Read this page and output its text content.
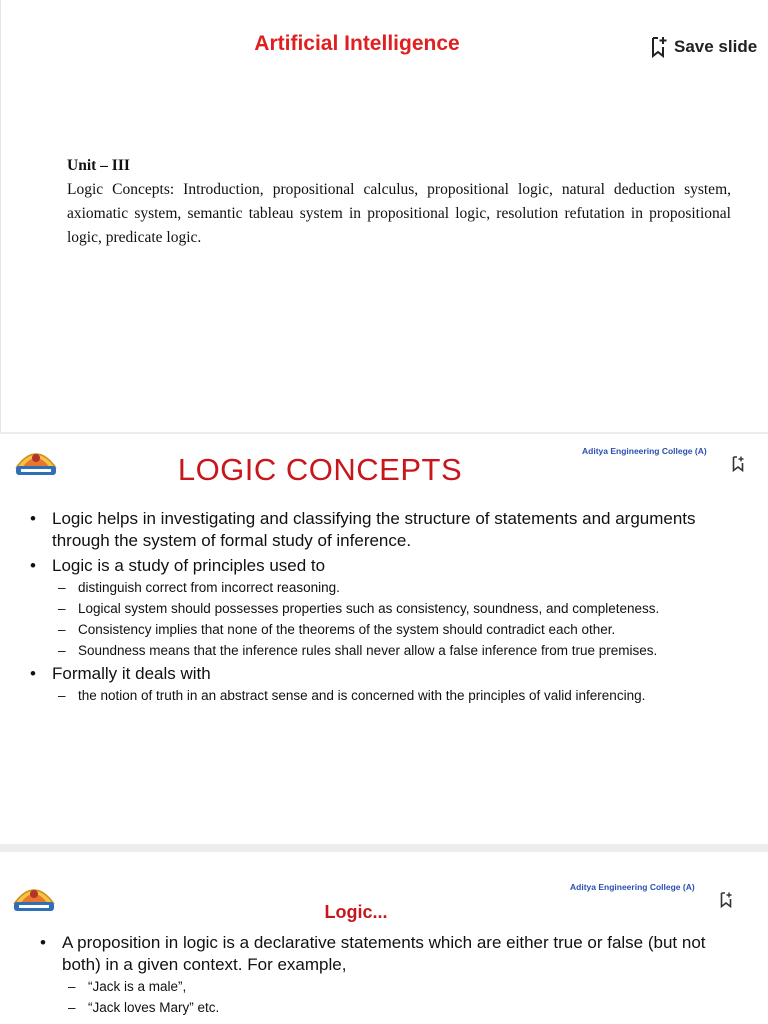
Artificial Intelligence	Save slide
Unit – III
Logic Concepts: Introduction, propositional calculus, propositional logic, natural deduction system, axiomatic system, semantic tableau system in propositional logic, resolution refutation in propositional logic, predicate logic.
Aditya Engineering College (A)
LOGIC CONCEPTS
• Logic helps in investigating and classifying the structure of statements and arguments through the system of formal study of inference.
• Logic is a study of principles used to
– distinguish correct from incorrect reasoning.
– Logical system should possesses properties such as consistency, soundness, and completeness.
– Consistency implies that none of the theorems of the system should contradict each other.
– Soundness means that the inference rules shall never allow a false inference from true premises.
• Formally it deals with
– the notion of truth in an abstract sense and is concerned with the principles of valid inferencing.
Aditya Engineering College (A)
Logic...
• A proposition in logic is a declarative statements which are either true or false (but not both) in a given context. For example,
– “Jack is a male”,
– “Jack loves Mary” etc.
